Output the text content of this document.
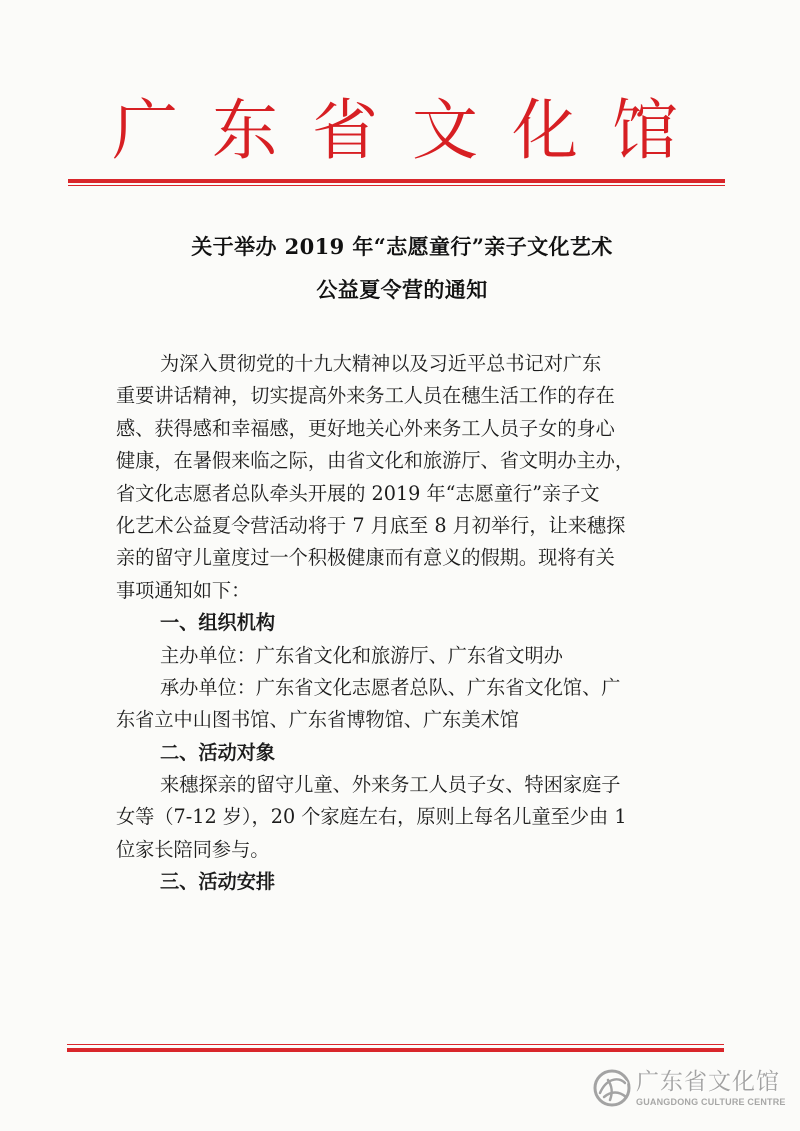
广东省文化馆
关于举办 2019 年“志愿童行”亲子文化艺术
公益夏令营的通知
为深入贯彻党的十九大精神以及习近平总书记对广东
重要讲话精神，切实提高外来务工人员在穗生活工作的存在
感、获得感和幸福感，更好地关心外来务工人员子女的身心
健康，在暑假来临之际，由省文化和旅游厅、省文明办主办，
省文化志愿者总队牵头开展的 2019 年“志愿童行”亲子文
化艺术公益夏令营活动将于 7 月底至 8 月初举行，让来穗探
亲的留守儿童度过一个积极健康而有意义的假期。现将有关
事项通知如下：
一、组织机构
主办单位：广东省文化和旅游厅、广东省文明办
承办单位：广东省文化志愿者总队、广东省文化馆、广
东省立中山图书馆、广东省博物馆、广东美术馆
二、活动对象
来穗探亲的留守儿童、外来务工人员子女、特困家庭子
女等（7-12 岁），20 个家庭左右，原则上每名儿童至少由 1
位家长陪同参与。
三、活动安排
广东省文化馆
GUANGDONG CULTURE CENTRE
